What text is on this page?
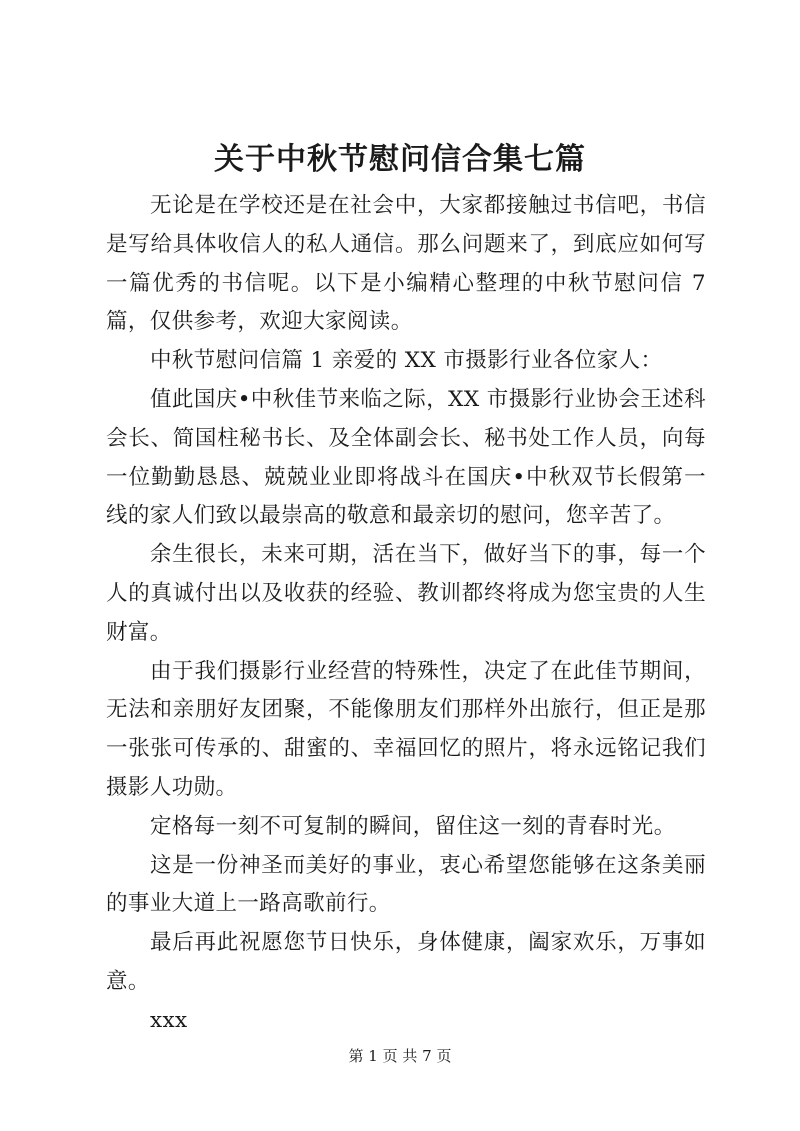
关于中秋节慰问信合集七篇

无论是在学校还是在社会中，大家都接触过书信吧，书信是写给具体收信人的私人通信。那么问题来了，到底应如何写一篇优秀的书信呢。以下是小编精心整理的中秋节慰问信 7 篇，仅供参考，欢迎大家阅读。

中秋节慰问信篇 1 亲爱的 XX 市摄影行业各位家人：

值此国庆•中秋佳节来临之际，XX 市摄影行业协会王述科会长、简国柱秘书长、及全体副会长、秘书处工作人员，向每一位勤勤恳恳、兢兢业业即将战斗在国庆•中秋双节长假第一线的家人们致以最崇高的敬意和最亲切的慰问，您辛苦了。

余生很长，未来可期，活在当下，做好当下的事，每一个人的真诚付出以及收获的经验、教训都终将成为您宝贵的人生财富。

由于我们摄影行业经营的特殊性，决定了在此佳节期间，无法和亲朋好友团聚，不能像朋友们那样外出旅行，但正是那一张张可传承的、甜蜜的、幸福回忆的照片，将永远铭记我们摄影人功勋。

定格每一刻不可复制的瞬间，留住这一刻的青春时光。

这是一份神圣而美好的事业，衷心希望您能够在这条美丽的事业大道上一路高歌前行。

最后再此祝愿您节日快乐，身体健康，阖家欢乐，万事如意。

xxx

第 1 页 共 7 页
